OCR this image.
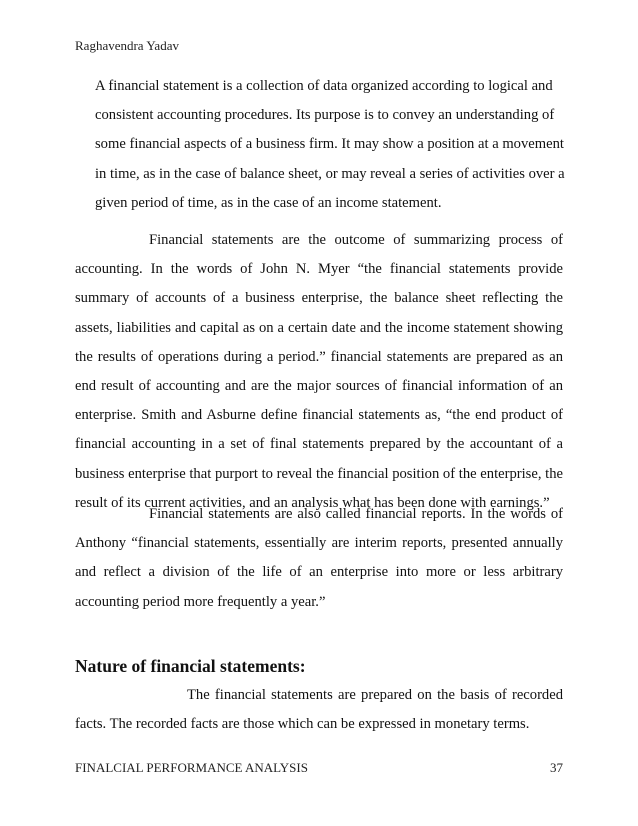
Raghavendra Yadav
A financial statement is a collection of data organized according to logical and consistent accounting procedures. Its purpose is to convey an understanding of some financial aspects of a business firm. It may show a position at a movement in time, as in the case of balance sheet, or may reveal a series of activities over a given period of time, as in the case of an income statement.
Financial statements are the outcome of summarizing process of accounting. In the words of John N. Myer “the financial statements provide summary of accounts of a business enterprise, the balance sheet reflecting the assets, liabilities and capital as on a certain date and the income statement showing the results of operations during a period.” financial statements are prepared as an end result of accounting and are the major sources of financial information of an enterprise. Smith and Asburne define financial statements as, “the end product of financial accounting in a set of final statements prepared by the accountant of a business enterprise that purport to reveal the financial position of the enterprise, the result of its current activities, and an analysis what has been done with earnings.”
Financial statements are also called financial reports. In the words of Anthony “financial statements, essentially are interim reports, presented annually and reflect a division of the life of an enterprise into more or less arbitrary accounting period more frequently a year.”
Nature of financial statements:
The financial statements are prepared on the basis of recorded facts. The recorded facts are those which can be expressed in monetary terms.
FINALCIAL PERFORMANCE ANALYSIS	37
